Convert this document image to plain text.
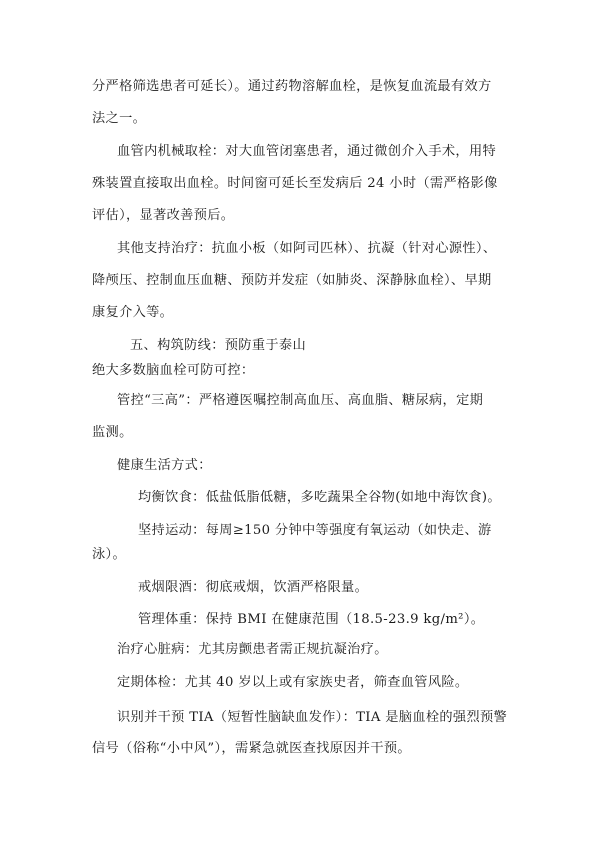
分严格筛选患者可延长）。通过药物溶解血栓，是恢复血流最有效方
法之一。
血管内机械取栓：对大血管闭塞患者，通过微创介入手术，用特
殊装置直接取出血栓。时间窗可延长至发病后 24 小时（需严格影像
评估），显著改善预后。
其他支持治疗：抗血小板（如阿司匹林）、抗凝（针对心源性）、
降颅压、控制血压血糖、预防并发症（如肺炎、深静脉血栓）、早期
康复介入等。
五、构筑防线：预防重于泰山
绝大多数脑血栓可防可控：
管控“三高”：严格遵医嘱控制高血压、高血脂、糖尿病，定期
监测。
健康生活方式：
均衡饮食：低盐低脂低糖，多吃蔬果全谷物(如地中海饮食)。
坚持运动：每周≥150 分钟中等强度有氧运动（如快走、游
泳）。
戒烟限酒：彻底戒烟，饮酒严格限量。
管理体重：保持 BMI 在健康范围（18.5-23.9 kg/m²）。
治疗心脏病：尤其房颤患者需正规抗凝治疗。
定期体检：尤其 40 岁以上或有家族史者，筛查血管风险。
识别并干预 TIA（短暂性脑缺血发作）：TIA 是脑血栓的强烈预警
信号（俗称“小中风”），需紧急就医查找原因并干预。
